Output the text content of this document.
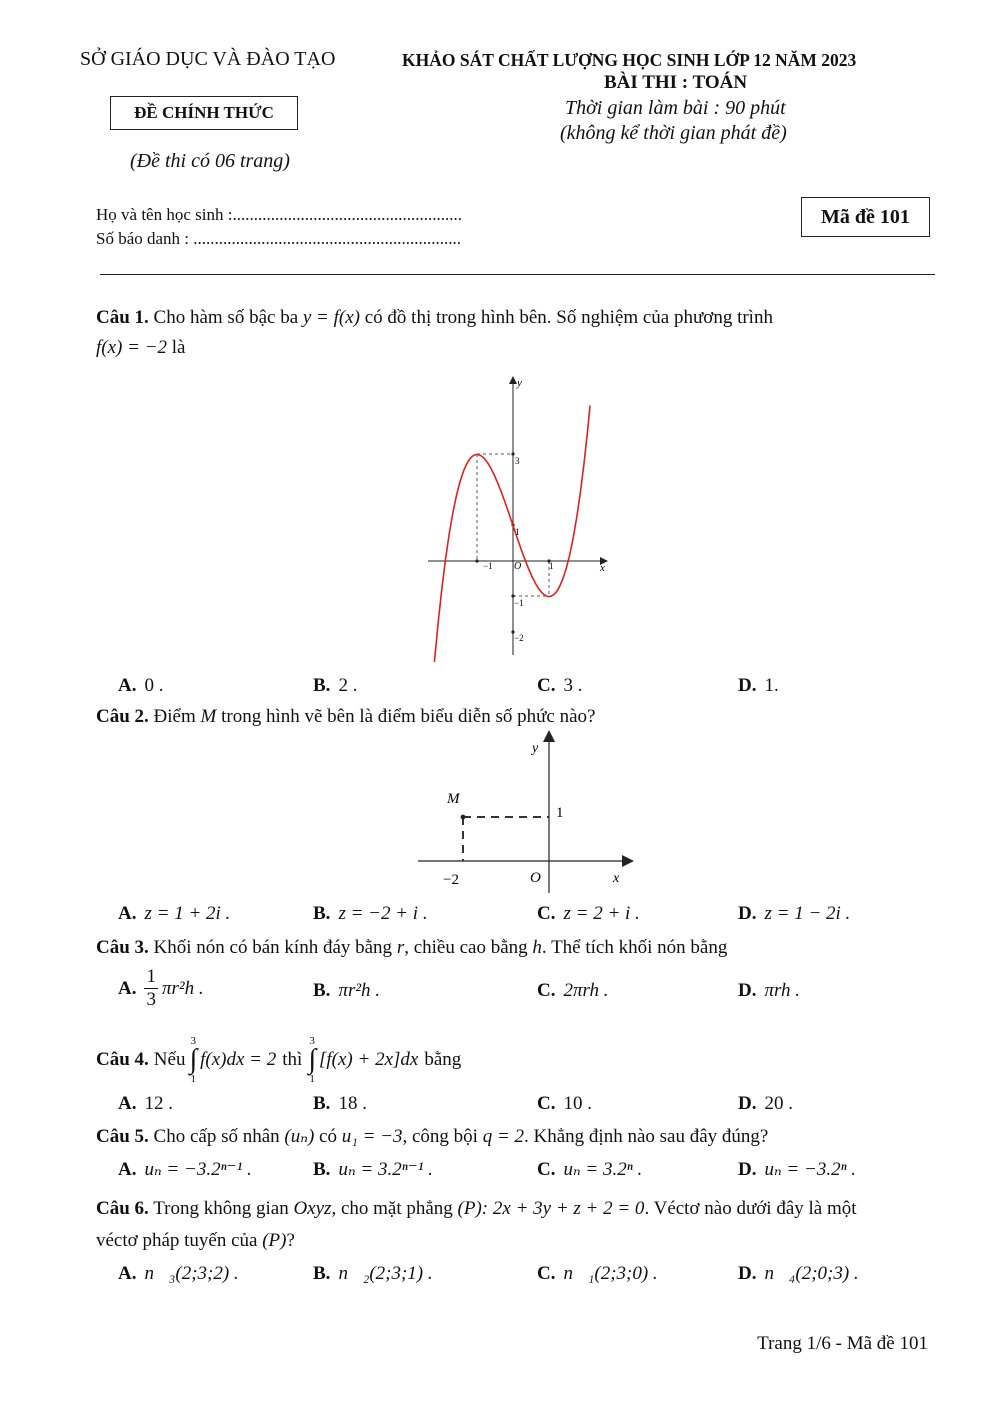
SỞ GIÁO DỤC VÀ ĐÀO TẠO
ĐỀ CHÍNH THỨC
(Đề thi có 06 trang)
KHẢO SÁT CHẤT LƯỢNG HỌC SINH LỚP 12 NĂM 2023
BÀI THI : TOÁN
Thời gian làm bài : 90 phút
(không kể thời gian phát đề)
Họ và tên học sinh :......................................................
Số báo danh : ...............................................................
Mã đề 101
Câu 1. Cho hàm số bậc ba y = f(x) có đồ thị trong hình bên. Số nghiệm của phương trình
f(x) = −2 là
y
x
O
−1	1
3
1
−1
−2
A. 0 .	B. 2 .	C. 3 .	D. 1.
Câu 2. Điểm M trong hình vẽ bên là điểm biểu diễn số phức nào?
M
y
x
O
−2
1
A. z = 1 + 2i .	B. z = −2 + i .	C. z = 2 + i .	D. z = 1 − 2i .
Câu 3. Khối nón có bán kính đáy bằng r, chiều cao bằng h. Thể tích khối nón bằng
A.
1
3
πr²h .	B. πr²h .	C. 2πrh .	D. πrh .
Câu 4. Nếu
3
∫
1
f(x)dx = 2 thì
3
∫
1
[f(x) + 2x]dx bằng
A. 12 .	B. 18 .	C. 10 .	D. 20 .
Câu 5. Cho cấp số nhân (uₙ) có u₁ = −3, công bội q = 2. Khẳng định nào sau đây đúng?
A. uₙ = −3.2ⁿ⁻¹ .	B. uₙ = 3.2ⁿ⁻¹ .	C. uₙ = 3.2ⁿ .	D. uₙ = −3.2ⁿ .
Câu 6. Trong không gian Oxyz, cho mặt phẳng (P): 2x + 3y + z + 2 = 0. Véctơ nào dưới đây là một
véctơ pháp tuyến của (P)?
A. n⃗₃(2;3;2) .	B. n⃗₂(2;3;1) .	C. n⃗₁(2;3;0) .	D. n⃗₄(2;0;3) .
Trang 1/6 - Mã đề 101
